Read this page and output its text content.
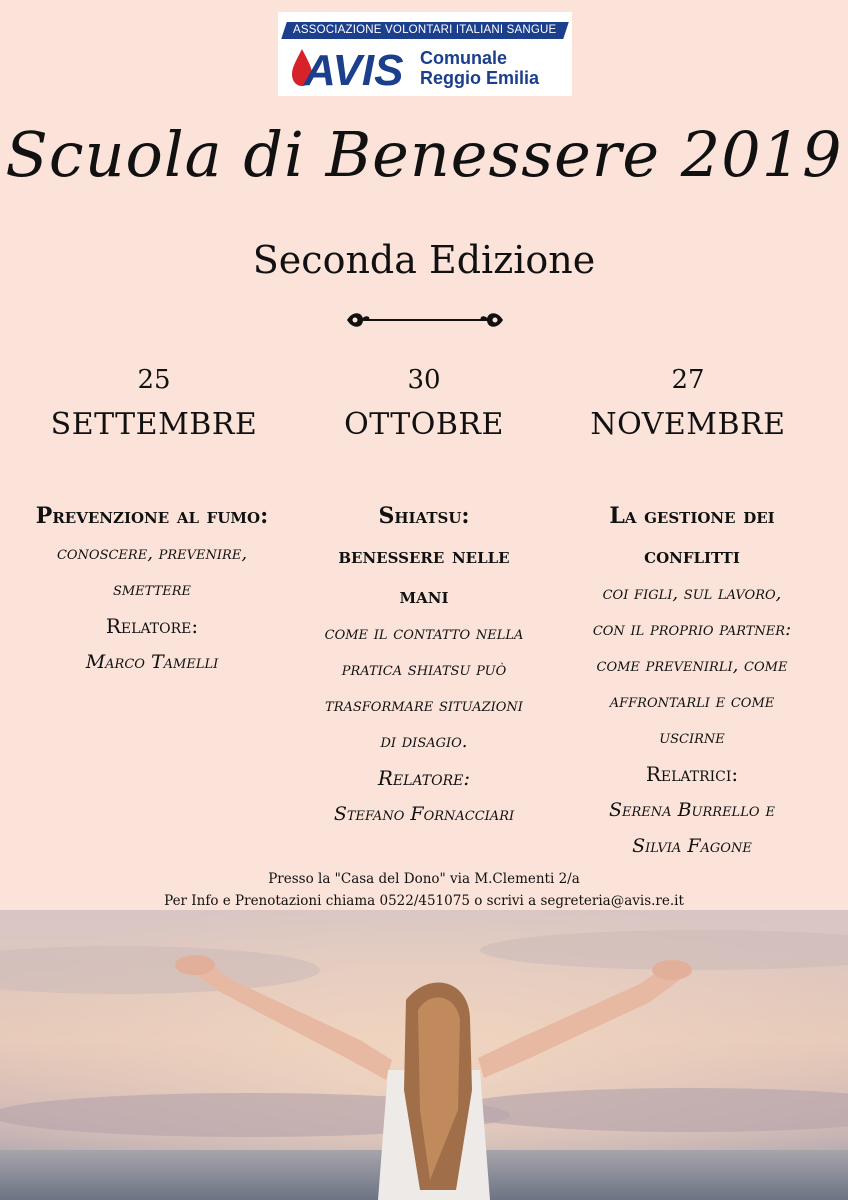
ASSOCIAZIONE VOLONTARI ITALIANI SANGUE
AVIS Comunale
Reggio Emilia
Scuola di Benessere 2019
Seconda Edizione
25
SETTEMBRE
30
OTTOBRE
27
NOVEMBRE
Prevenzione al fumo:
conoscere, prevenire,
smettere
Relatore:
Marco Tamelli
Shiatsu:
benessere nelle
mani
come il contatto nella
pratica shiatsu può
trasformare situazioni
di disagio.
Relatore:
Stefano Fornacciari
La gestione dei
conflitti
coi figli, sul lavoro,
con il proprio partner:
come prevenirli, come
affrontarli e come
uscirne
Relatrici:
Serena Burrello e
Silvia Fagone
Presso la "Casa del Dono" via M.Clementi 2/a
Per Info e Prenotazioni chiama 0522/451075 o scrivi a segreteria@avis.re.it
